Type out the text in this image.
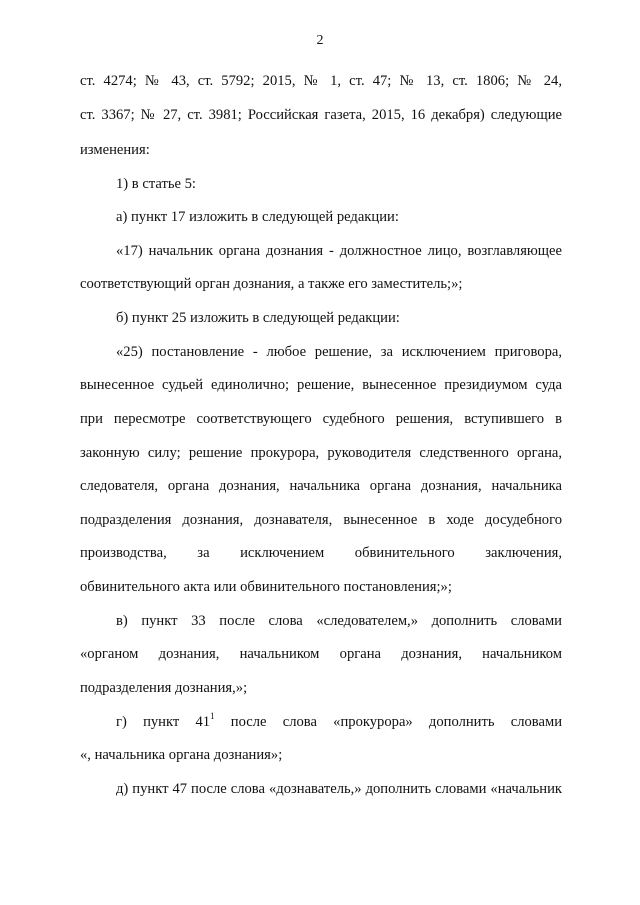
2
ст. 4274; № 43, ст. 5792; 2015, № 1, ст. 47; № 13, ст. 1806; № 24,
ст. 3367; № 27, ст. 3981; Российская газета, 2015, 16 декабря) следующие
изменения:
1) в статье 5:
а) пункт 17 изложить в следующей редакции:
«17) начальник органа дознания - должностное лицо, возглавляющее
соответствующий орган дознания, а также его заместитель;»;
б) пункт 25 изложить в следующей редакции:
«25) постановление - любое решение, за исключением приговора,
вынесенное судьей единолично; решение, вынесенное президиумом суда
при пересмотре соответствующего судебного решения, вступившего в
законную силу; решение прокурора, руководителя следственного органа,
следователя, органа дознания, начальника органа дознания, начальника
подразделения дознания, дознавателя, вынесенное в ходе досудебного
производства, за исключением обвинительного заключения,
обвинительного акта или обвинительного постановления;»;
в) пункт 33 после слова «следователем,» дополнить словами
«органом дознания, начальником органа дознания, начальником
подразделения дознания,»;
г) пункт $41^1$ после слова «прокурора» дополнить словами
«, начальника органа дознания»;
д) пункт 47 после слова «дознаватель,» дополнить словами «начальник
